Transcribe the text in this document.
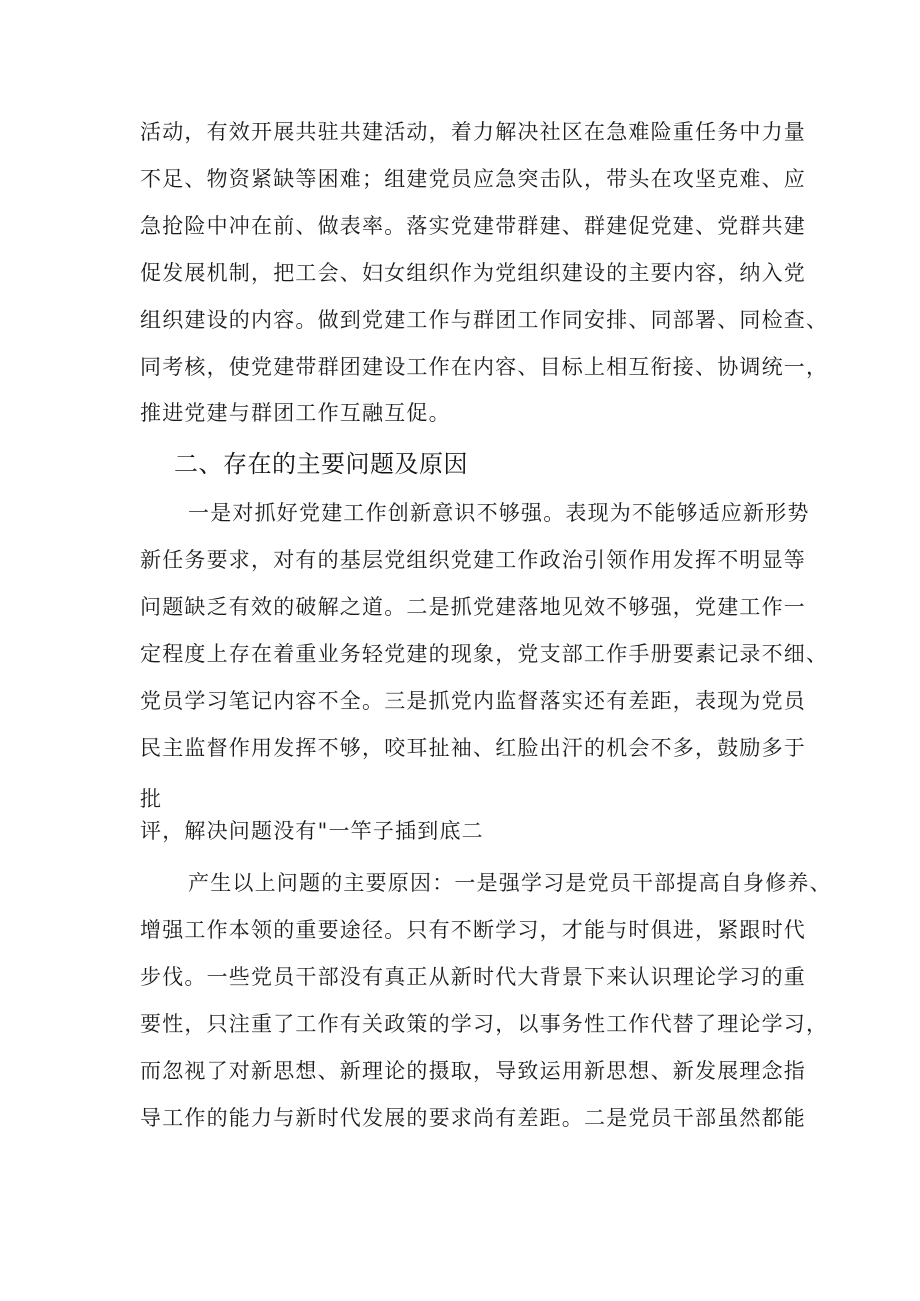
活动，有效开展共驻共建活动，着力解决社区在急难险重任务中力量
不足、物资紧缺等困难；组建党员应急突击队，带头在攻坚克难、应
急抢险中冲在前、做表率。落实党建带群建、群建促党建、党群共建
促发展机制，把工会、妇女组织作为党组织建设的主要内容，纳入党
组织建设的内容。做到党建工作与群团工作同安排、同部署、同检查、
同考核，使党建带群团建设工作在内容、目标上相互衔接、协调统一，
推进党建与群团工作互融互促。
二、存在的主要问题及原因
一是对抓好党建工作创新意识不够强。表现为不能够适应新形势
新任务要求，对有的基层党组织党建工作政治引领作用发挥不明显等
问题缺乏有效的破解之道。二是抓党建落地见效不够强，党建工作一
定程度上存在着重业务轻党建的现象，党支部工作手册要素记录不细、
党员学习笔记内容不全。三是抓党内监督落实还有差距，表现为党员
民主监督作用发挥不够，咬耳扯袖、红脸出汗的机会不多，鼓励多于
批
评，解决问题没有"一竿子插到底二
产生以上问题的主要原因：一是强学习是党员干部提高自身修养、
增强工作本领的重要途径。只有不断学习，才能与时俱进，紧跟时代
步伐。一些党员干部没有真正从新时代大背景下来认识理论学习的重
要性，只注重了工作有关政策的学习，以事务性工作代替了理论学习，
而忽视了对新思想、新理论的摄取，导致运用新思想、新发展理念指
导工作的能力与新时代发展的要求尚有差距。二是党员干部虽然都能
